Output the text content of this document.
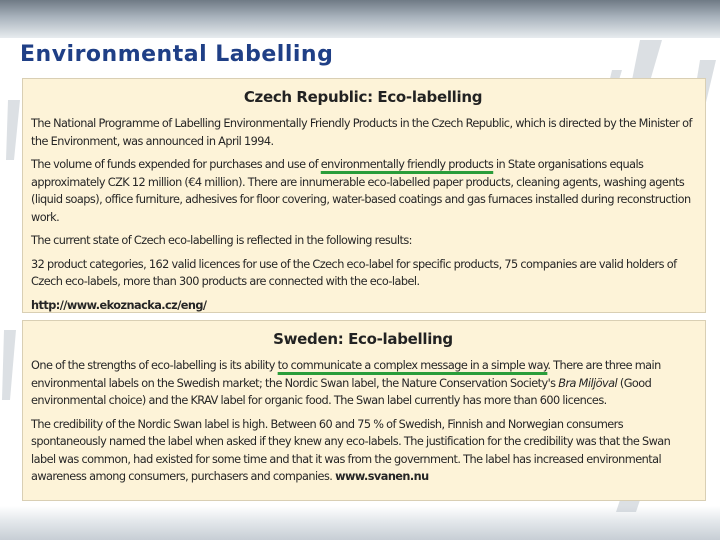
Environmental Labelling
Czech Republic: Eco-labelling

The National Programme of Labelling Environmentally Friendly Products in the Czech Republic, which is directed by the Minister of the Environment, was announced in April 1994.

The volume of funds expended for purchases and use of environmentally friendly products in State organisations equals approximately CZK 12 million (€4 million). There are innumerable eco-labelled paper products, cleaning agents, washing agents (liquid soaps), office furniture, adhesives for floor covering, water-based coatings and gas furnaces installed during reconstruction work.

The current state of Czech eco-labelling is reflected in the following results:

32 product categories, 162 valid licences for use of the Czech eco-label for specific products, 75 companies are valid holders of Czech eco-labels, more than 300 products are connected with the eco-label.

http://www.ekoznacka.cz/eng/

Sweden: Eco-labelling

One of the strengths of eco-labelling is its ability to communicate a complex message in a simple way. There are three main environmental labels on the Swedish market; the Nordic Swan label, the Nature Conservation Society's Bra Miljöval (Good environmental choice) and the KRAV label for organic food. The Swan label currently has more than 600 licences.

The credibility of the Nordic Swan label is high. Between 60 and 75 % of Swedish, Finnish and Norwegian consumers spontaneously named the label when asked if they knew any eco-labels. The justification for the credibility was that the Swan label was common, had existed for some time and that it was from the government. The label has increased environmental awareness among consumers, purchasers and companies. www.svanen.nu
